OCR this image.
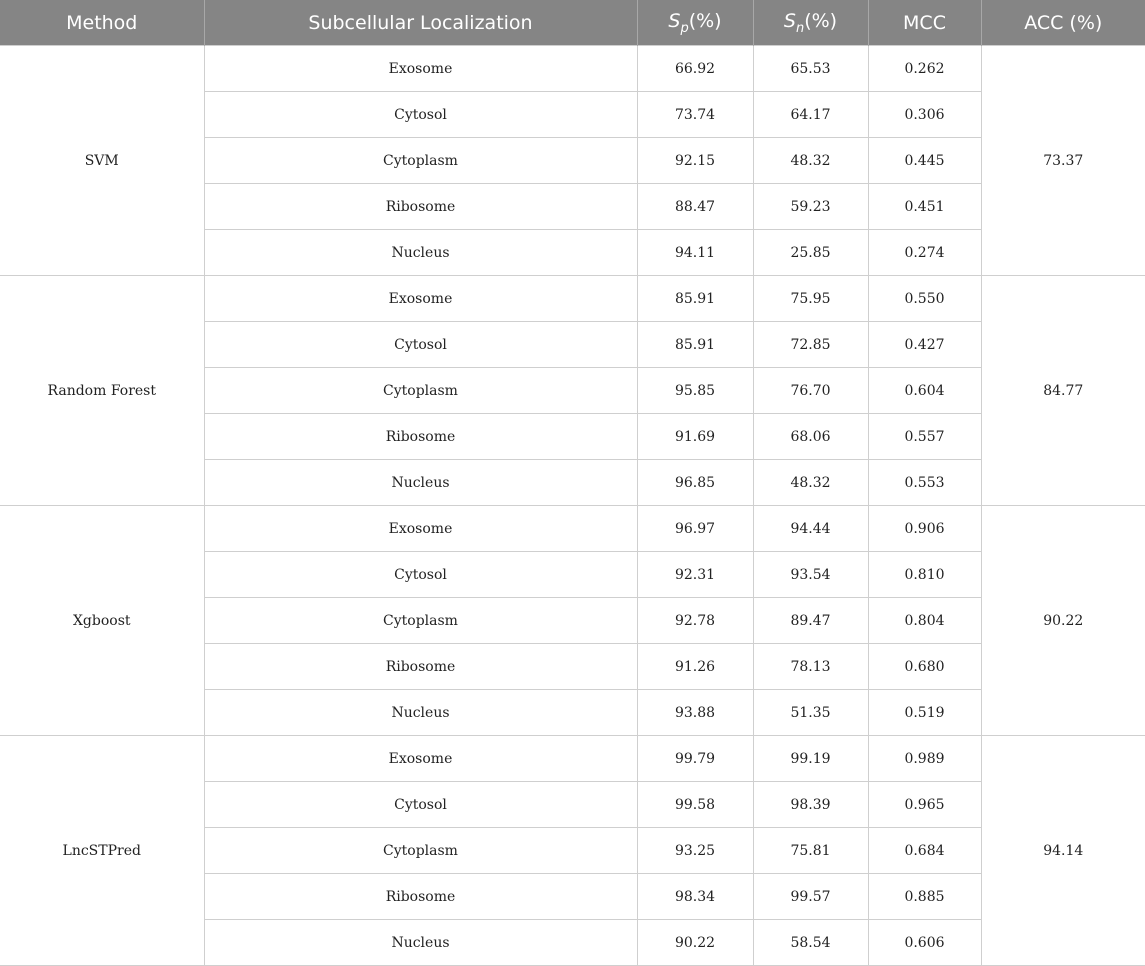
Method	Subcellular Localization	$S_p(\%)$	$S_n(\%)$	MCC	ACC (%)
SVM	Exosome	66.92	65.53	0.262	73.37
	Cytosol	73.74	64.17	0.306	
	Cytoplasm	92.15	48.32	0.445	
	Ribosome	88.47	59.23	0.451	
	Nucleus	94.11	25.85	0.274	
Random Forest	Exosome	85.91	75.95	0.550	84.77
	Cytosol	85.91	72.85	0.427	
	Cytoplasm	95.85	76.70	0.604	
	Ribosome	91.69	68.06	0.557	
	Nucleus	96.85	48.32	0.553	
Xgboost	Exosome	96.97	94.44	0.906	90.22
	Cytosol	92.31	93.54	0.810	
	Cytoplasm	92.78	89.47	0.804	
	Ribosome	91.26	78.13	0.680	
	Nucleus	93.88	51.35	0.519	
LncSTPred	Exosome	99.79	99.19	0.989	94.14
	Cytosol	99.58	98.39	0.965	
	Cytoplasm	93.25	75.81	0.684	
	Ribosome	98.34	99.57	0.885	
	Nucleus	90.22	58.54	0.606	
